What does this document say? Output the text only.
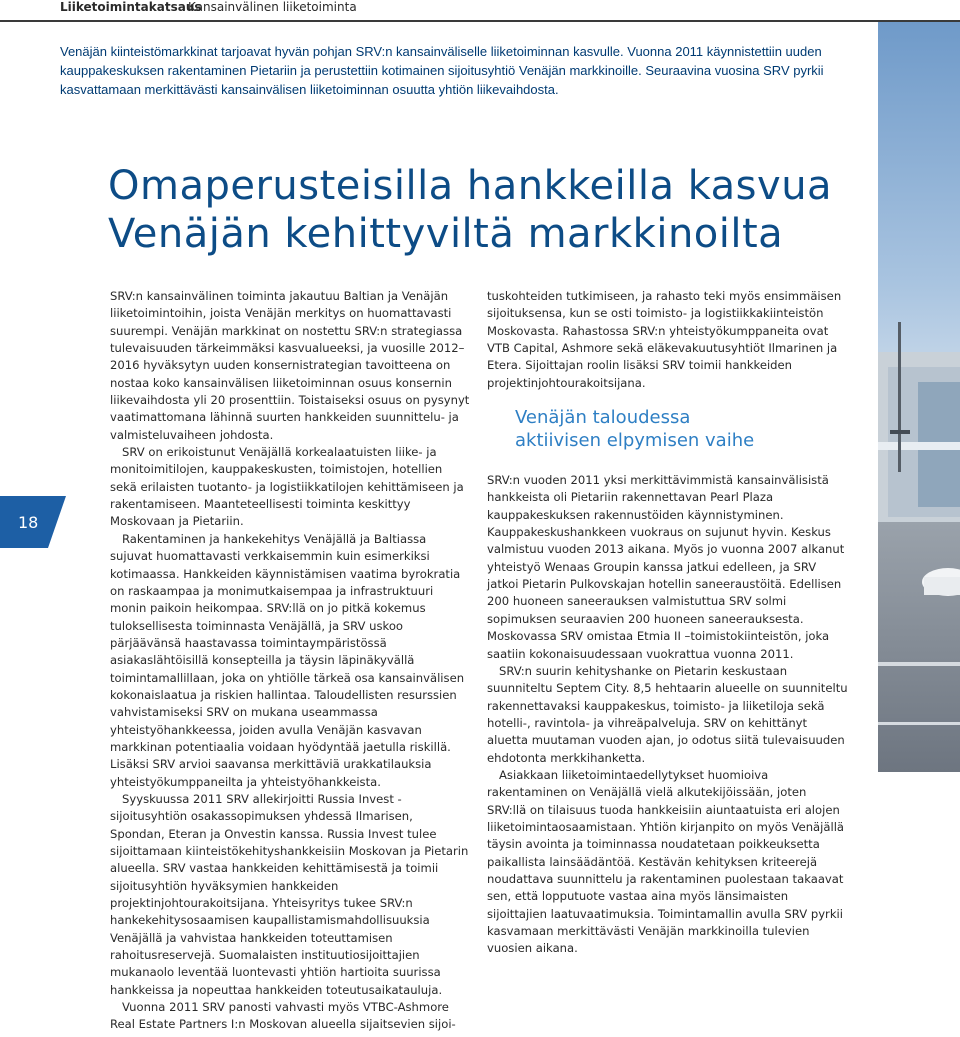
Liiketoimintakatsaus
Kansainvälinen liiketoiminta

Venäjän kiinteistömarkkinat tarjoavat hyvän pohjan SRV:n kansainväliselle liiketoiminnan kasvulle. Vuonna 2011 käynnistettiin uuden kauppakeskuksen rakentaminen Pietariin ja perustettiin kotimainen sijoitusyhtiö Venäjän markkinoille. Seuraavina vuosina SRV pyrkii kasvattamaan merkittävästi kansainvälisen liiketoiminnan osuutta yhtiön liikevaihdosta.

Omaperusteisilla hankkeilla kasvua
Venäjän kehittyviltä markkinoilta
18

SRV:n kansainvälinen toiminta jakautuu Baltian ja Venäjän liiketoimintoihin, joista Venäjän merkitys on huomattavasti suurempi. Venäjän markkinat on nostettu SRV:n strategiassa tulevaisuuden tärkeimmäksi kasvualueeksi, ja vuosille 2012–2016 hyväksytyn uuden konsernistrategian tavoitteena on nostaa koko kansainvälisen liiketoiminnan osuus konsernin liikevaihdosta yli 20 prosenttiin. Toistaiseksi osuus on pysynyt vaatimattomana lähinnä suurten hankkeiden suunnittelu- ja valmisteluvaiheen johdosta.

SRV on erikoistunut Venäjällä korkealaatuisten liike- ja monitoimitilojen, kauppakeskusten, toimistojen, hotellien sekä erilaisten tuotanto- ja logistiikkatilojen kehittämiseen ja rakentamiseen. Maanteteellisesti toiminta keskittyy Moskovaan ja Pietariin.

Rakentaminen ja hankekehitys Venäjällä ja Baltiassa sujuvat huomattavasti verkkaisemmin kuin esimerkiksi kotimaassa. Hankkeiden käynnistämisen vaatima byrokratia on raskaampaa ja monimutkaisempaa ja infrastruktuuri monin paikoin heikompaa. SRV:llä on jo pitkä kokemus tuloksellisesta toiminnasta Venäjällä, ja SRV uskoo pärjäävänsä haastavassa toimintaympäristössä asiakaslähtöisillä konsepteilla ja täysin läpinäkyvällä toimintamallillaan, joka on yhtiölle tärkeä osa kansainvälisen kokonaislaatua ja riskien hallintaa. Taloudellisten resurssien vahvistamiseksi SRV on mukana useammassa yhteistyöhankkeessa, joiden avulla Venäjän kasvavan markkinan potentiaalia voidaan hyödyntää jaetulla riskillä. Lisäksi SRV arvioi saavansa merkittäviä urakkatilauksia yhteistyökumppaneilta ja yhteistyöhankkeista.

Syyskuussa 2011 SRV allekirjoitti Russia Invest -sijoitusyhtiön osakassopimuksen yhdessä Ilmarisen, Spondan, Eteran ja Onvestin kanssa. Russia Invest tulee sijoittamaan kiinteistökehityshankkeisiin Moskovan ja Pietarin alueella. SRV vastaa hankkeiden kehittämisestä ja toimii sijoitusyhtiön hyväksymien hankkeiden projektinjohtourakoitsijana. Yhteisyritys tukee SRV:n hankekehitysosaamisen kaupallistamismahdollisuuksia Venäjällä ja vahvistaa hankkeiden toteuttamisen rahoitusreservejä. Suomalaisten instituutiosijoittajien mukanaolo leventää luontevasti yhtiön hartioita suurissa hankkeissa ja nopeuttaa hankkeiden toteutusaikatauluja.

Vuonna 2011 SRV panosti vahvasti myös VTBC-Ashmore Real Estate Partners I:n Moskovan alueella sijaitsevien sijoi-

tuskohteiden tutkimiseen, ja rahasto teki myös ensimmäisen sijoituksensa, kun se osti toimisto- ja logistiikkakiinteistön Moskovasta. Rahastossa SRV:n yhteistyökumppaneita ovat VTB Capital, Ashmore sekä eläkevakuutusyhtiöt Ilmarinen ja Etera. Sijoittajan roolin lisäksi SRV toimii hankkeiden projektinjohtourakoitsijana.

Venäjän taloudessa
aktiivisen elpymisen vaihe

SRV:n vuoden 2011 yksi merkittävimmistä kansainvälisistä hankkeista oli Pietariin rakennettavan Pearl Plaza kauppakeskuksen rakennustöiden käynnistyminen. Kauppakeskushankkeen vuokraus on sujunut hyvin. Keskus valmistuu vuoden 2013 aikana. Myös jo vuonna 2007 alkanut yhteistyö Wenaas Groupin kanssa jatkui edelleen, ja SRV jatkoi Pietarin Pulkovskajan hotellin saneeraustöitä. Edellisen 200 huoneen saneerauksen valmistuttua SRV solmi sopimuksen seuraavien 200 huoneen saneerauksesta. Moskovassa SRV omistaa Etmia II –toimistokiinteistön, joka saatiin kokonaisuudessaan vuokrattua vuonna 2011.

SRV:n suurin kehityshanke on Pietarin keskustaan suunniteltu Septem City. 8,5 hehtaarin alueelle on suunniteltu rakennettavaksi kauppakeskus, toimisto- ja liiketiloja sekä hotelli-, ravintola- ja vihreäpalveluja. SRV on kehittänyt aluetta muutaman vuoden ajan, jo odotus siitä tulevaisuuden ehdotonta merkkihanketta.

Asiakkaan liiketoimintaedellytykset huomioiva rakentaminen on Venäjällä vielä alkutekijöissään, joten SRV:llä on tilaisuus tuoda hankkeisiin aiuntaatuista eri alojen liiketoimintaosaamistaan. Yhtiön kirjanpito on myös Venäjällä täysin avointa ja toiminnassa noudatetaan poikkeuksetta paikallista lainsäädäntöä. Kestävän kehityksen kriteerejä noudattava suunnittelu ja rakentaminen puolestaan takaavat sen, että lopputuote vastaa aina myös länsimaisten sijoittajien laatuvaatimuksia. Toimintamallin avulla SRV pyrkii kasvamaan merkittävästi Venäjän markkinoilla tulevien vuosien aikana.
